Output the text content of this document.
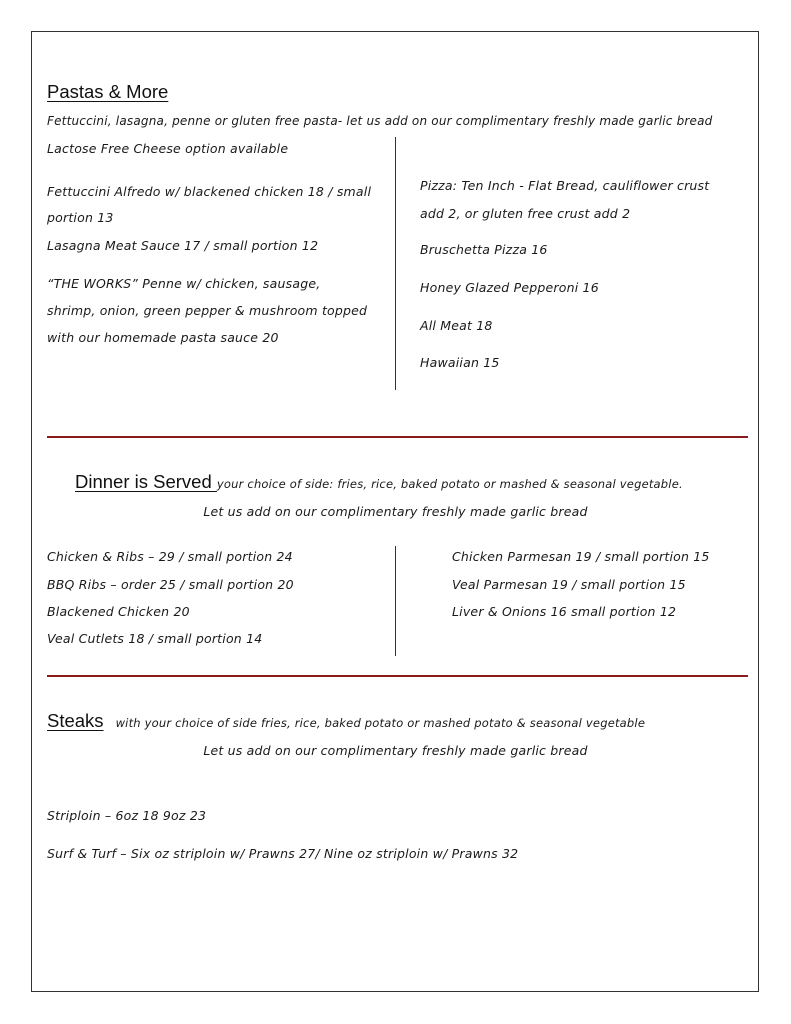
Pastas & More
Fettuccini, lasagna, penne or gluten free pasta- let us add on our complimentary freshly made garlic bread
Lactose Free Cheese option available
Fettuccini Alfredo w/ blackened chicken 18 / small
portion 13
Lasagna Meat Sauce 17 / small portion 12
“THE WORKS” Penne w/ chicken, sausage,
shrimp, onion, green pepper & mushroom topped
with our homemade pasta sauce 20
Pizza: Ten Inch - Flat Bread, cauliflower crust
add 2, or gluten free crust add 2
Bruschetta Pizza 16
Honey Glazed Pepperoni 16
All Meat 18
Hawaiian 15
Dinner is Served your choice of side: fries, rice, baked potato or mashed & seasonal vegetable.
Let us add on our complimentary freshly made garlic bread
Chicken & Ribs – 29 / small portion 24
BBQ Ribs – order 25 / small portion 20
Blackened Chicken 20
Veal Cutlets 18 / small portion 14
Chicken Parmesan 19 / small portion 15
Veal Parmesan 19 / small portion 15
Liver & Onions 16 small portion 12
Steaks with your choice of side fries, rice, baked potato or mashed potato & seasonal vegetable
Let us add on our complimentary freshly made garlic bread
Striploin – 6oz 18 9oz 23
Surf & Turf – Six oz striploin w/ Prawns 27/ Nine oz striploin w/ Prawns 32
